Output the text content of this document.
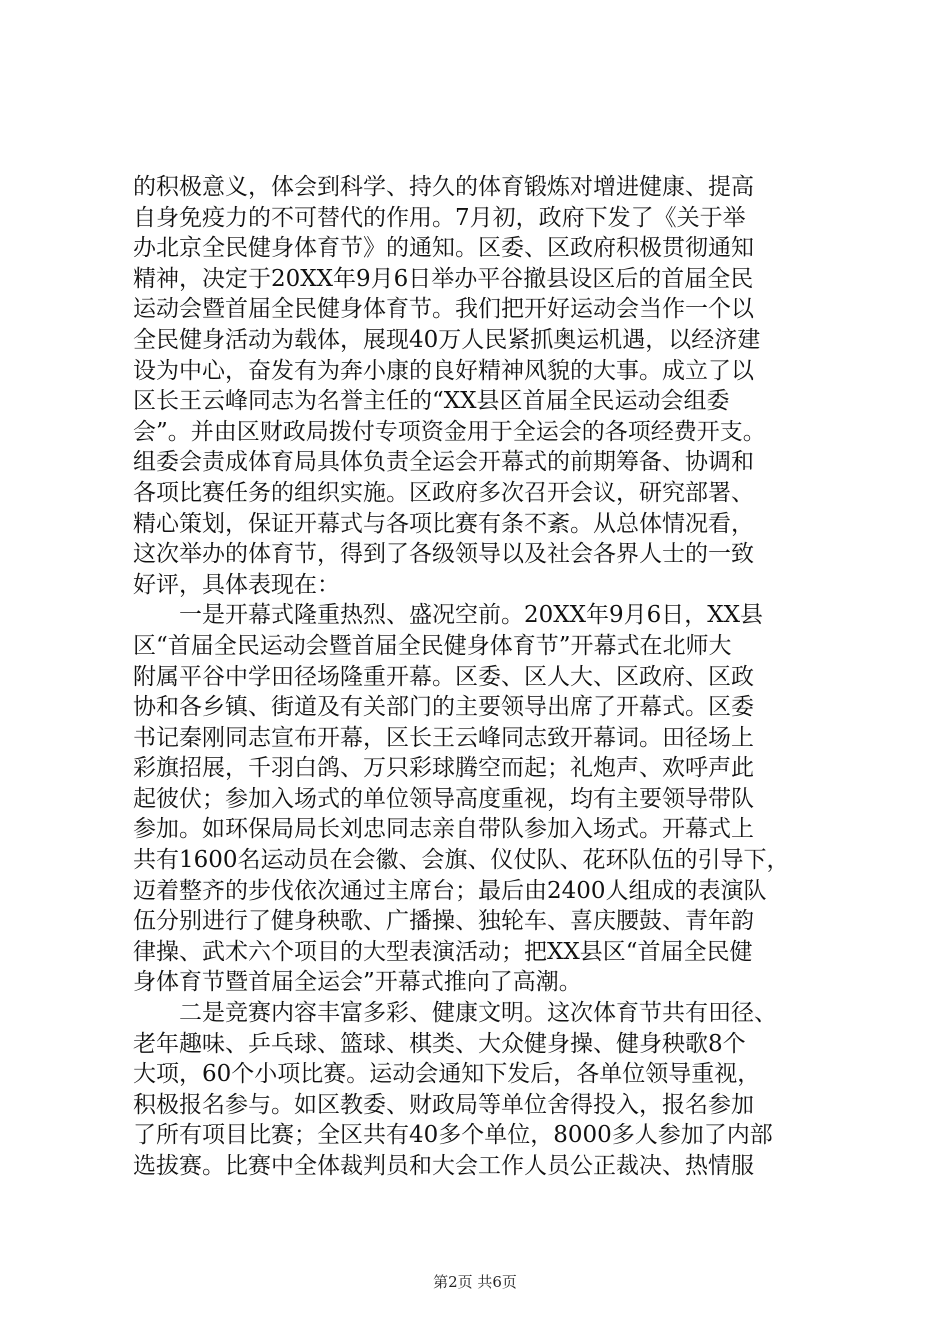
的积极意义，体会到科学、持久的体育锻炼对增进健康、提高
自身免疫力的不可替代的作用。7月初，政府下发了《关于举
办北京全民健身体育节》的通知。区委、区政府积极贯彻通知
精神，决定于20XX年9月6日举办平谷撤县设区后的首届全民
运动会暨首届全民健身体育节。我们把开好运动会当作一个以
全民健身活动为载体，展现40万人民紧抓奥运机遇，以经济建
设为中心，奋发有为奔小康的良好精神风貌的大事。成立了以
区长王云峰同志为名誉主任的“XX县区首届全民运动会组委
会”。并由区财政局拨付专项资金用于全运会的各项经费开支。
组委会责成体育局具体负责全运会开幕式的前期筹备、协调和
各项比赛任务的组织实施。区政府多次召开会议，研究部署、
精心策划，保证开幕式与各项比赛有条不紊。从总体情况看，
这次举办的体育节，得到了各级领导以及社会各界人士的一致
好评，具体表现在：
　　一是开幕式隆重热烈、盛况空前。20XX年9月6日，XX县
区“首届全民运动会暨首届全民健身体育节”开幕式在北师大
附属平谷中学田径场隆重开幕。区委、区人大、区政府、区政
协和各乡镇、街道及有关部门的主要领导出席了开幕式。区委
书记秦刚同志宣布开幕，区长王云峰同志致开幕词。田径场上
彩旗招展，千羽白鸽、万只彩球腾空而起；礼炮声、欢呼声此
起彼伏；参加入场式的单位领导高度重视，均有主要领导带队
参加。如环保局局长刘忠同志亲自带队参加入场式。开幕式上
共有1600名运动员在会徽、会旗、仪仗队、花环队伍的引导下，
迈着整齐的步伐依次通过主席台；最后由2400人组成的表演队
伍分别进行了健身秧歌、广播操、独轮车、喜庆腰鼓、青年韵
律操、武术六个项目的大型表演活动；把XX县区“首届全民健
身体育节暨首届全运会”开幕式推向了高潮。
　　二是竞赛内容丰富多彩、健康文明。这次体育节共有田径、
老年趣味、乒乓球、篮球、棋类、大众健身操、健身秧歌8个
大项，60个小项比赛。运动会通知下发后，各单位领导重视，
积极报名参与。如区教委、财政局等单位舍得投入，报名参加
了所有项目比赛；全区共有40多个单位，8000多人参加了内部
选拔赛。比赛中全体裁判员和大会工作人员公正裁决、热情服
第2页 共6页
